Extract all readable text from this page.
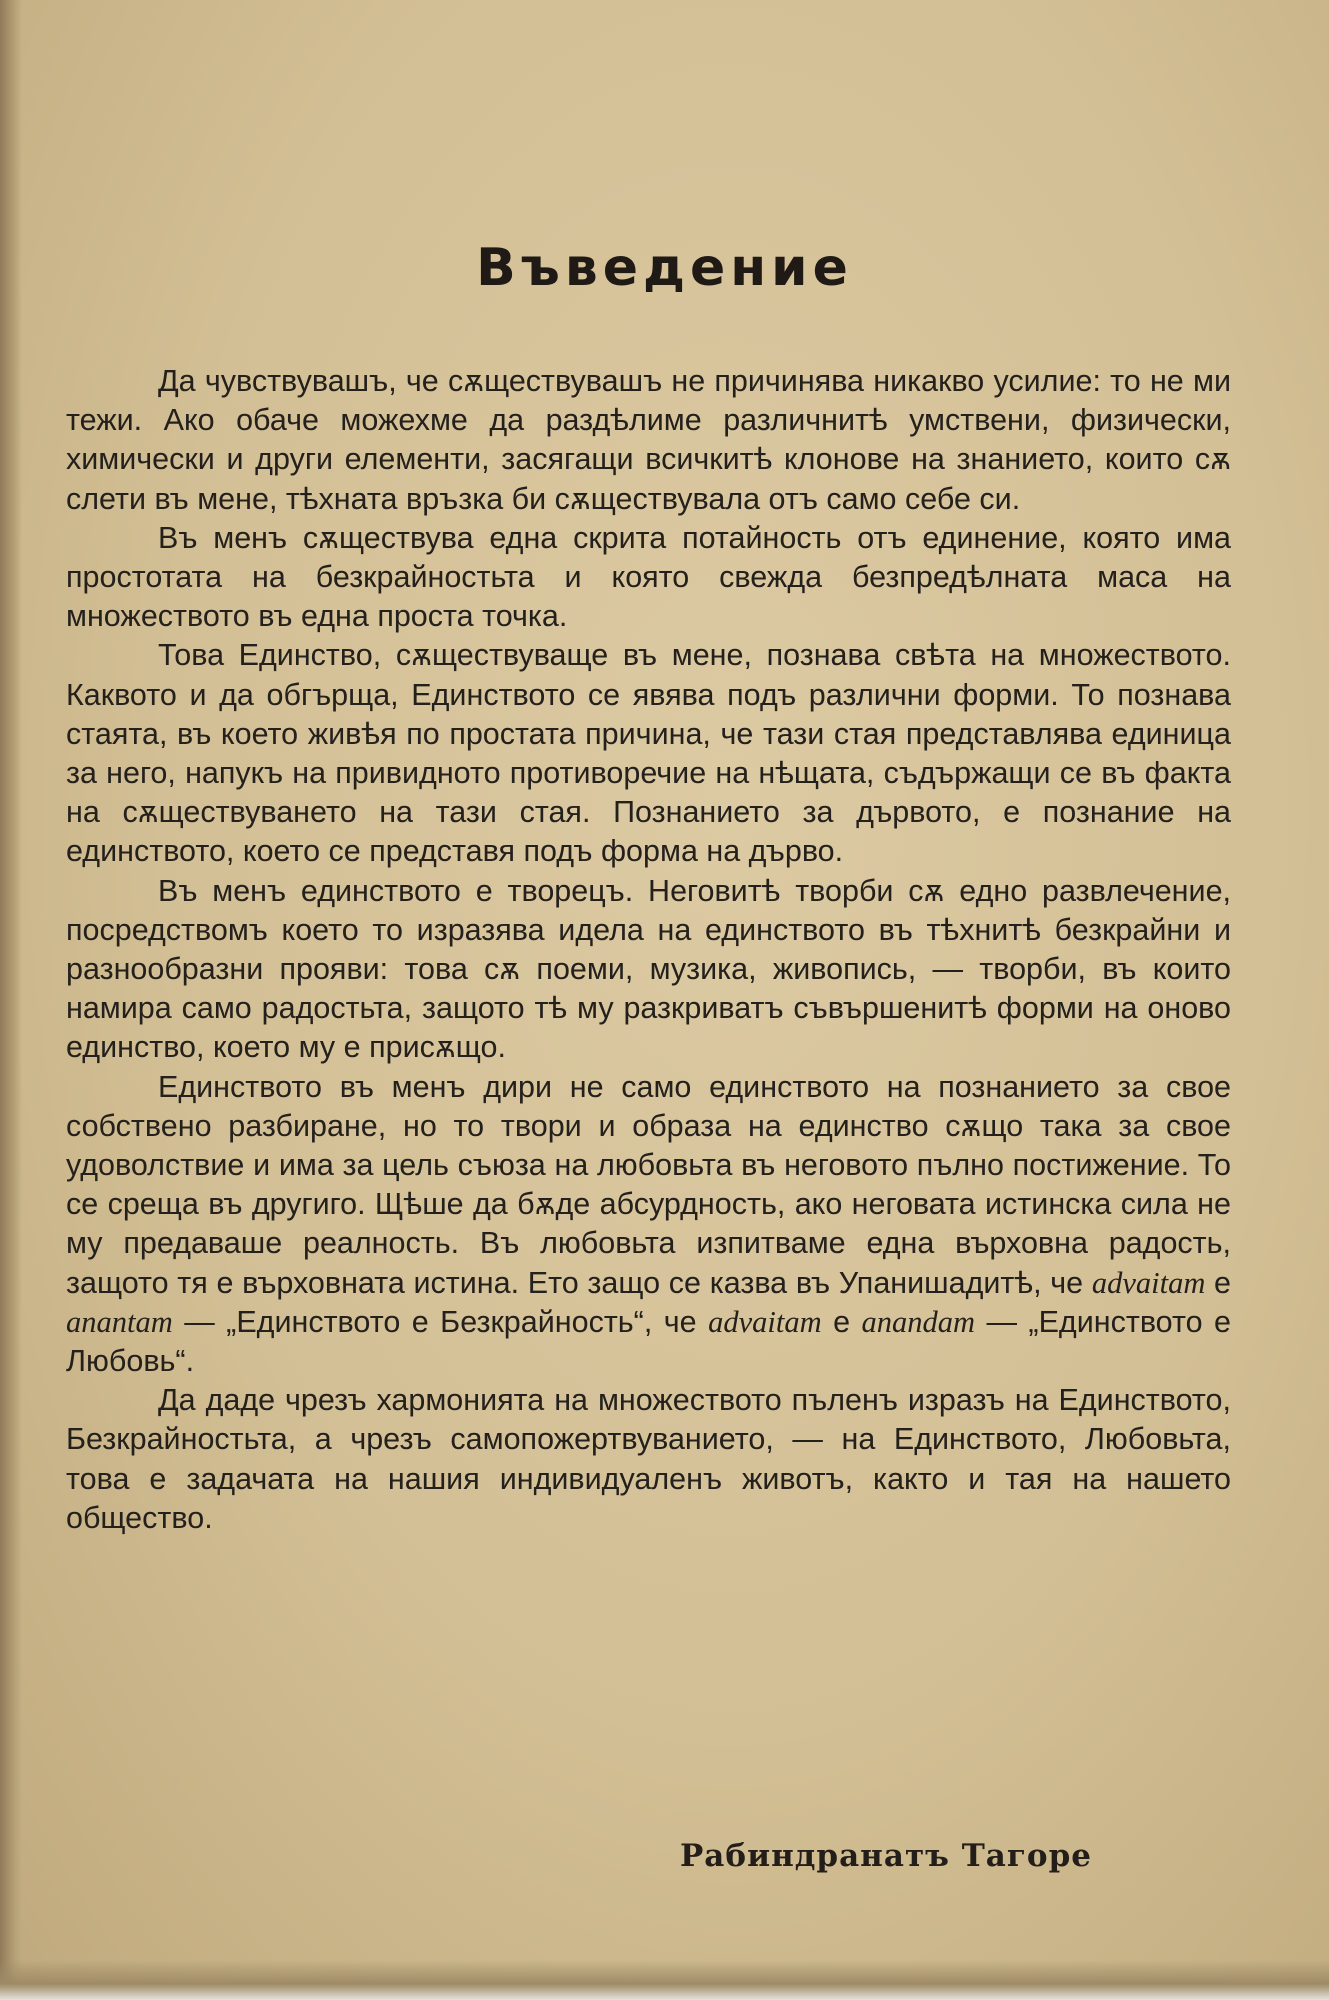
Въведение

Да чувствувашъ, че сѫществувашъ не причинява никакво усилие: то не ми тежи. Ако обаче можехме да раздѣлимe различнитѣ умствени, физически, химически и други елементи, засягащи всичкитѣ клонове на знанието, които сѫ слети въ мене, тѣхната връзка би сѫществувала отъ само себе си.

Въ менъ сѫществува една скрита потайность отъ единение, която има простотата на безкрайностьта и която свежда безпредѣлната маса на множеството въ една проста точка.

Това Единство, сѫществуваще въ мене, познава свѣта на множеството. Каквото и да обгърща, Единството се явява подъ различни форми. То познава стаята, въ което живѣя по простата причина, че тази стая представлява единица за него, напукъ на привидното противоречие на нѣщата, съдържащи се въ факта на сѫществуването на тази стая. Познанието за дървото, е познание на единството, което се представя подъ форма на дърво.

Въ менъ единството е творецъ. Неговитѣ творби сѫ едно развлечение, посредствомъ което то изразява идела на единството въ тѣхнитѣ безкрайни и разнообразни прояви: това сѫ поеми, музика, живопись, — творби, въ които намира само радостьта, защото тѣ му разкриватъ съвършенитѣ форми на оново единство, което му е присѫщо.

Единството въ менъ дири не само единството на познанието за свое собствено разбиране, но то твори и образа на единство сѫщо така за свое удоволствие и има за цель съюза на любовьта въ неговото пълно постижение. То се среща въ другиго. Щѣше да бѫде абсурдность, ако неговата истинска сила не му предаваше реалность. Въ любовьта изпитваме една върховна радость, защото тя е върховната истина. Ето защо се казва въ Упанишадитѣ, че advaitam е anantam — „Единството е Безкрайность“, че advaitam е anandam — „Единството е Любовь“.

Да даде чрезъ хармонията на множеството пъленъ изразъ на Единството, Безкрайностьта, а чрезъ самопожертвуванието, — на Единството, Любовьта, това е задачата на нашия индивидуаленъ животъ, както и тая на нашето общество.

Рабиндранатъ Тагоре
